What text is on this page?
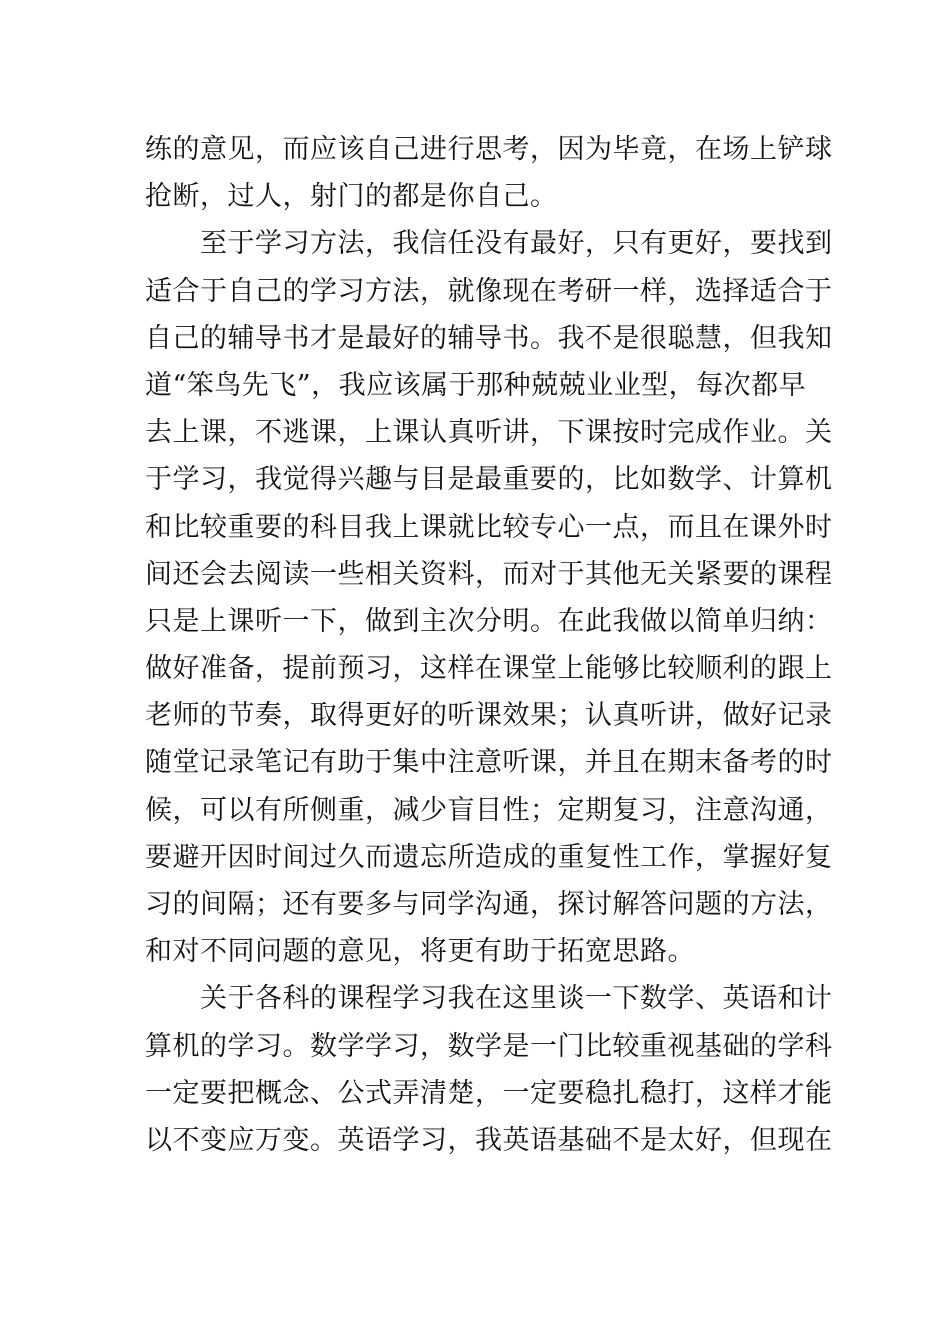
练的意见，而应该自己进行思考，因为毕竟，在场上铲球
抢断，过人，射门的都是你自己。
至于学习方法，我信任没有最好，只有更好，要找到
适合于自己的学习方法，就像现在考研一样，选择适合于
自己的辅导书才是最好的辅导书。我不是很聪慧，但我知
道“笨鸟先飞”，我应该属于那种兢兢业业型，每次都早
去上课，不逃课，上课认真听讲，下课按时完成作业。关
于学习，我觉得兴趣与目是最重要的，比如数学、计算机
和比较重要的科目我上课就比较专心一点，而且在课外时
间还会去阅读一些相关资料，而对于其他无关紧要的课程
只是上课听一下，做到主次分明。在此我做以简单归纳：
做好准备，提前预习，这样在课堂上能够比较顺利的跟上
老师的节奏，取得更好的听课效果；认真听讲，做好记录
随堂记录笔记有助于集中注意听课，并且在期末备考的时
候，可以有所侧重，减少盲目性；定期复习，注意沟通，
要避开因时间过久而遗忘所造成的重复性工作，掌握好复
习的间隔；还有要多与同学沟通，探讨解答问题的方法，
和对不同问题的意见，将更有助于拓宽思路。
关于各科的课程学习我在这里谈一下数学、英语和计
算机的学习。数学学习，数学是一门比较重视基础的学科
一定要把概念、公式弄清楚，一定要稳扎稳打，这样才能
以不变应万变。英语学习，我英语基础不是太好，但现在
